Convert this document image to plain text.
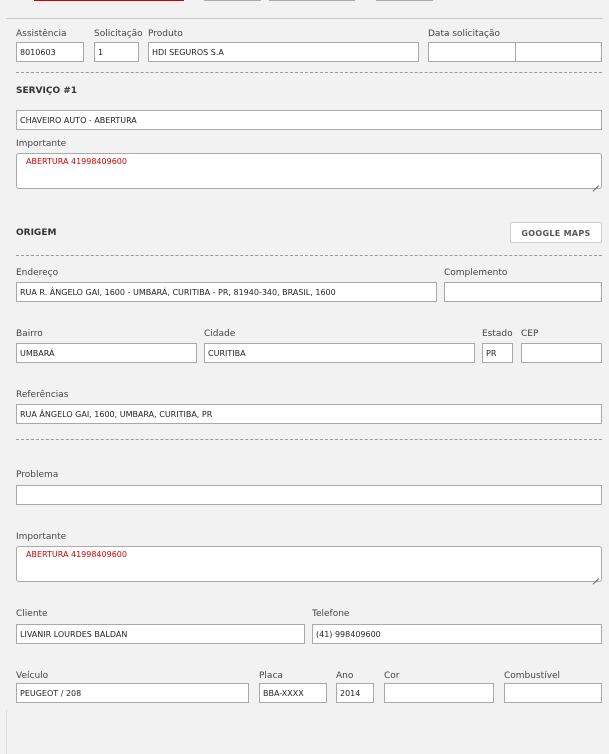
Assistência
8010603
Solicitação
1
Produto
HDI SEGUROS S.A
Data solicitação
SERVIÇO #1
CHAVEIRO AUTO - ABERTURA
Importante
ABERTURA 41998409600
ORIGEM	GOOGLE MAPS
Endereço
RUA R. ÂNGELO GAI, 1600 - UMBARÁ, CURITIBA - PR, 81940-340, BRASIL, 1600
Complemento
Bairro
UMBARÁ
Cidade
CURITIBA
Estado
PR
CEP
Referências
RUA ÂNGELO GAI, 1600, UMBARA, CURITIBA, PR
Problema
Importante
ABERTURA 41998409600
Cliente
LIVANIR LOURDES BALDAN
Telefone
(41) 998409600
Veículo
PEUGEOT / 208
Placa
BBA-XXXX
Ano
2014
Cor	Combustível
